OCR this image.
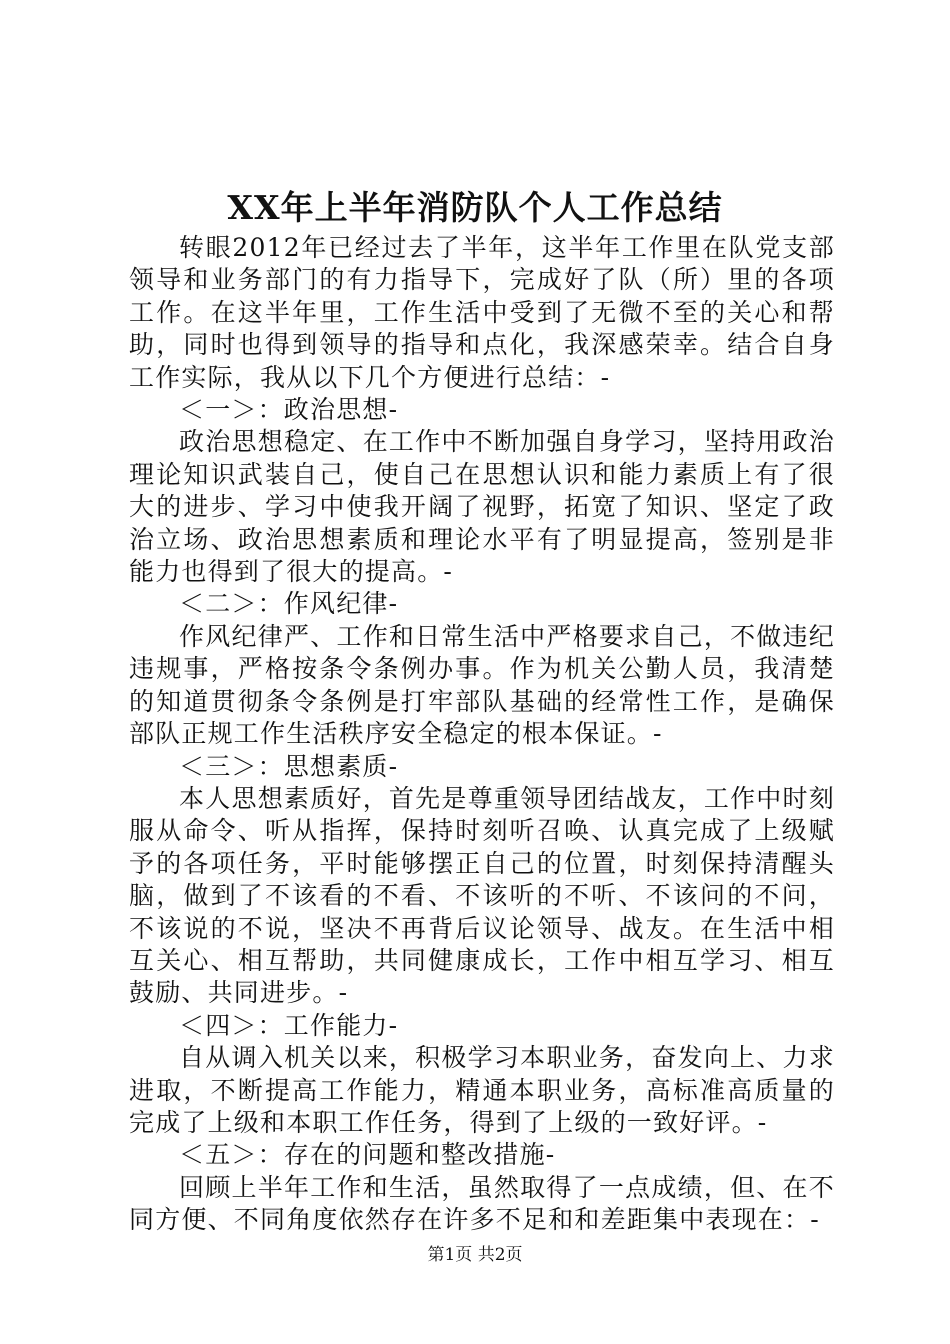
XX年上半年消防队个人工作总结

转眼2012年已经过去了半年，这半年工作里在队党支部领导和业务部门的有力指导下，完成好了队（所）里的各项工作。在这半年里，工作生活中受到了无微不至的关心和帮助，同时也得到领导的指导和点化，我深感荣幸。结合自身工作实际，我从以下几个方便进行总结：-

＜一＞：政治思想-

政治思想稳定、在工作中不断加强自身学习，坚持用政治理论知识武装自己，使自己在思想认识和能力素质上有了很大的进步、学习中使我开阔了视野，拓宽了知识、坚定了政治立场、政治思想素质和理论水平有了明显提高，签别是非能力也得到了很大的提高。-

＜二＞：作风纪律-

作风纪律严、工作和日常生活中严格要求自己，不做违纪违规事，严格按条令条例办事。作为机关公勤人员，我清楚的知道贯彻条令条例是打牢部队基础的经常性工作，是确保部队正规工作生活秩序安全稳定的根本保证。-

＜三＞：思想素质-

本人思想素质好，首先是尊重领导团结战友，工作中时刻服从命令、听从指挥，保持时刻听召唤、认真完成了上级赋予的各项任务，平时能够摆正自己的位置，时刻保持清醒头脑，做到了不该看的不看、不该听的不听、不该问的不问，不该说的不说，坚决不再背后议论领导、战友。在生活中相互关心、相互帮助，共同健康成长，工作中相互学习、相互鼓励、共同进步。-

＜四＞：工作能力-

自从调入机关以来，积极学习本职业务，奋发向上、力求进取，不断提高工作能力，精通本职业务，高标准高质量的完成了上级和本职工作任务，得到了上级的一致好评。-

＜五＞：存在的问题和整改措施-

回顾上半年工作和生活，虽然取得了一点成绩，但、在不同方便、不同角度依然存在许多不足和和差距集中表现在：-

第1页 共2页
